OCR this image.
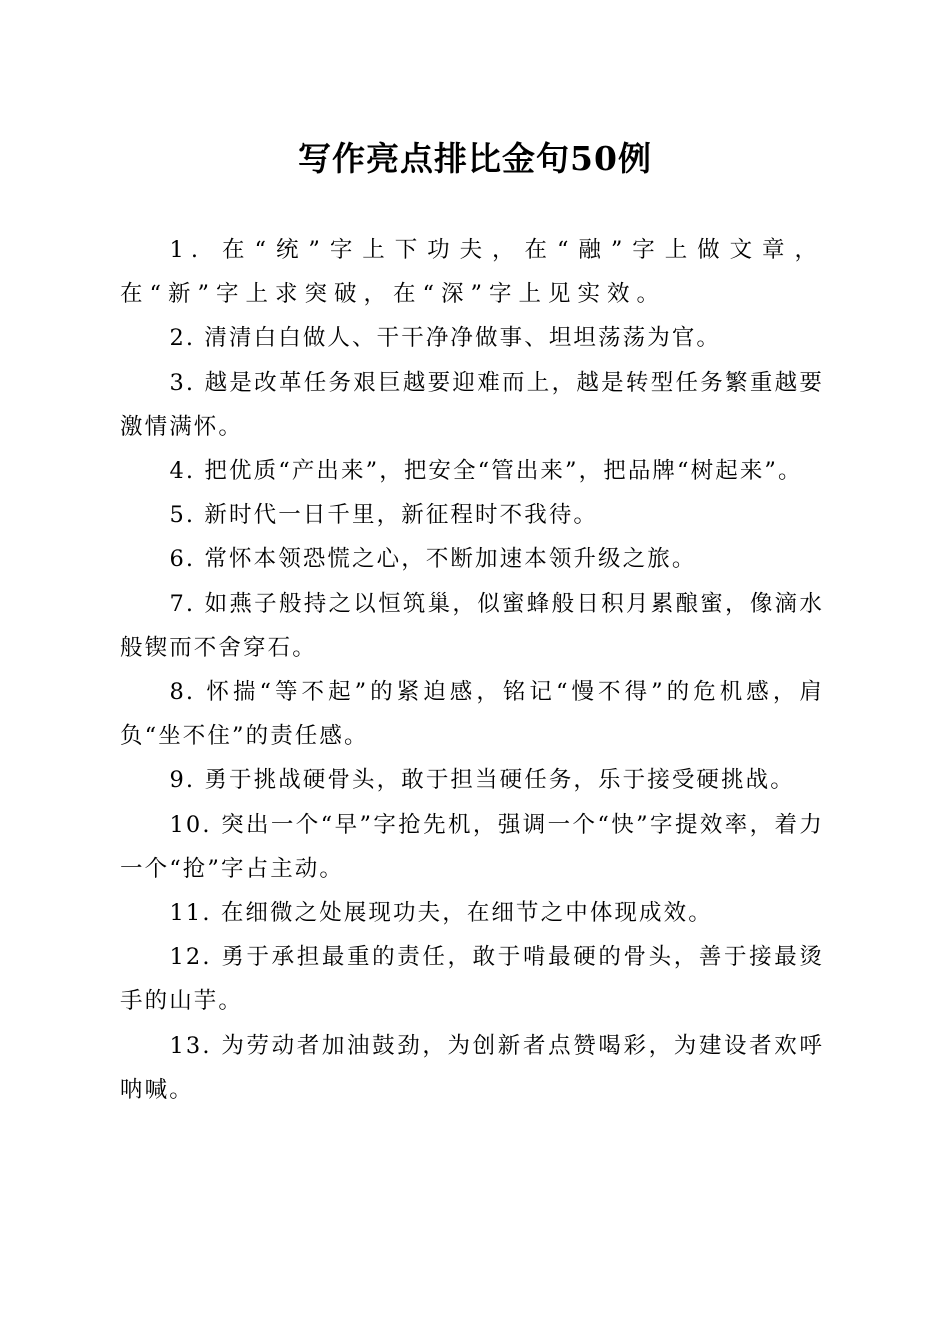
写作亮点排比金句50例

1. 在“统”字上下功夫，在“融”字上做文章，在“新”字上求突破，在“深”字上见实效。

2. 清清白白做人、干干净净做事、坦坦荡荡为官。

3. 越是改革任务艰巨越要迎难而上，越是转型任务繁重越要激情满怀。

4. 把优质“产出来”，把安全“管出来”，把品牌“树起来”。

5. 新时代一日千里，新征程时不我待。

6. 常怀本领恐慌之心，不断加速本领升级之旅。

7. 如燕子般持之以恒筑巢，似蜜蜂般日积月累酿蜜，像滴水般锲而不舍穿石。

8. 怀揣“等不起”的紧迫感，铭记“慢不得”的危机感，肩负“坐不住”的责任感。

9. 勇于挑战硬骨头，敢于担当硬任务，乐于接受硬挑战。

10. 突出一个“早”字抢先机，强调一个“快”字提效率，着力一个“抢”字占主动。

11. 在细微之处展现功夫，在细节之中体现成效。

12. 勇于承担最重的责任，敢于啃最硬的骨头，善于接最烫手的山芋。

13. 为劳动者加油鼓劲，为创新者点赞喝彩，为建设者欢呼呐喊。
